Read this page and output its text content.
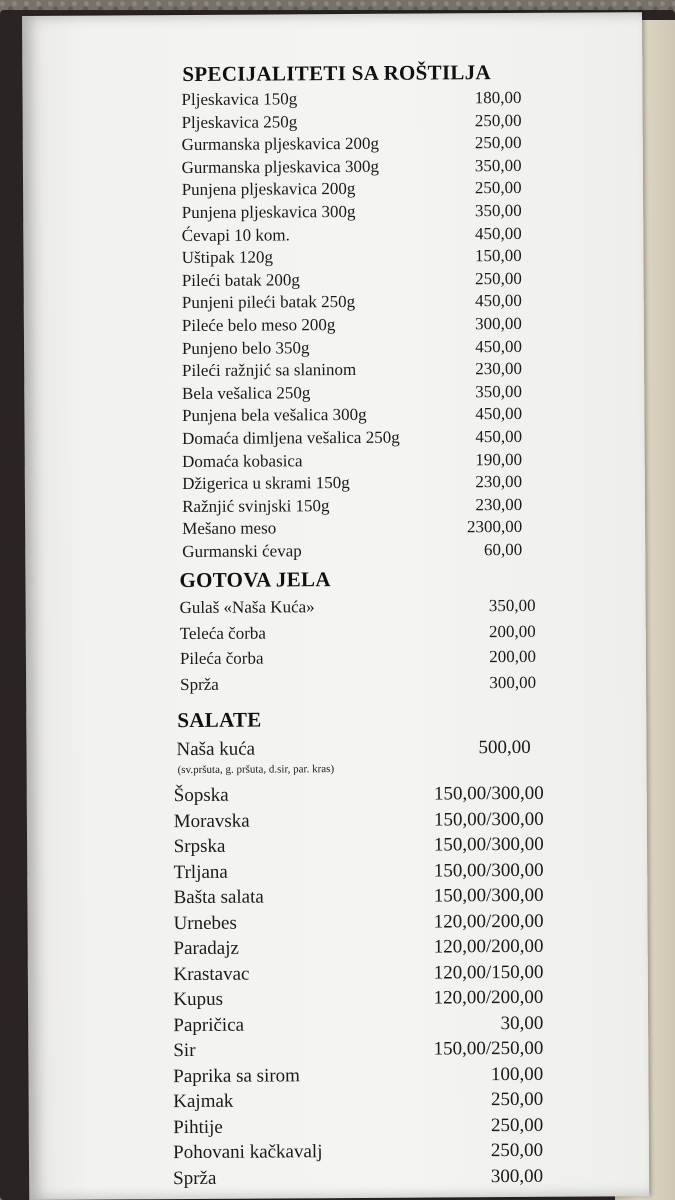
SPECIJALITETI SA ROŠTILJA
Pljeskavica 150g	180,00
Pljeskavica 250g	250,00
Gurmanska pljeskavica 200g	250,00
Gurmanska pljeskavica 300g	350,00
Punjena pljeskavica 200g	250,00
Punjena pljeskavica 300g	350,00
Ćevapi 10 kom.	450,00
Uštipak 120g	150,00
Pileći batak 200g	250,00
Punjeni pileći batak 250g	450,00
Pileće belo meso 200g	300,00
Punjeno belo 350g	450,00
Pileći ražnjić sa slaninom	230,00
Bela vešalica 250g	350,00
Punjena bela vešalica 300g	450,00
Domaća dimljena vešalica 250g	450,00
Domaća kobasica	190,00
Džigerica u skrami 150g	230,00
Ražnjić svinjski 150g	230,00
Mešano meso	2300,00
Gurmanski ćevap	60,00
GOTOVA JELA
Gulaš «Naša Kuća»	350,00
Teleća čorba	200,00
Pileća čorba	200,00
Sprža	300,00
SALATE
Naša kuća	500,00
(sv.pršuta, g. pršuta, d.sir, par. kras)
Šopska	150,00/300,00
Moravska	150,00/300,00
Srpska	150,00/300,00
Trljana	150,00/300,00
Bašta salata	150,00/300,00
Urnebes	120,00/200,00
Paradajz	120,00/200,00
Krastavac	120,00/150,00
Kupus	120,00/200,00
Papričica	30,00
Sir	150,00/250,00
Paprika sa sirom	100,00
Kajmak	250,00
Pihtije	250,00
Pohovani kačkavalj	250,00
Sprža	300,00
